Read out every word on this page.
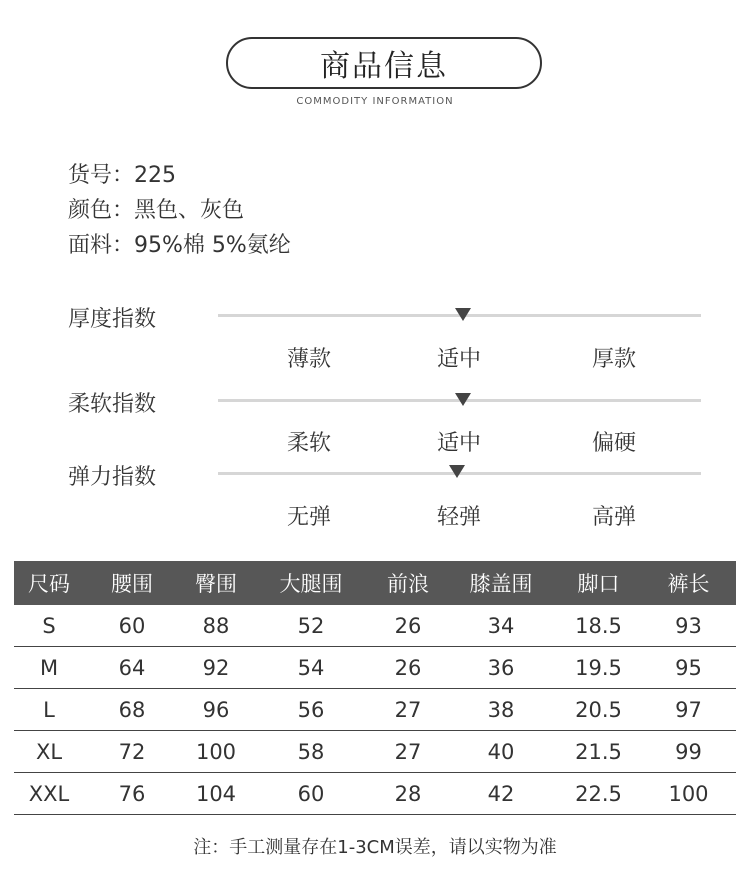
商品信息
COMMODITY INFORMATION
货号：225
颜色：黑色、灰色
面料：95%棉 5%氨纶
厚度指数
薄款	适中	厚款
柔软指数
柔软	适中	偏硬
弹力指数
无弹	轻弹	高弹
尺码	腰围	臀围	大腿围	前浪	膝盖围	脚口	裤长
S	60	88	52	26	34	18.5	93
M	64	92	54	26	36	19.5	95
L	68	96	56	27	38	20.5	97
XL	72	100	58	27	40	21.5	99
XXL	76	104	60	28	42	22.5	100
注：手工测量存在1-3CM误差，请以实物为准
